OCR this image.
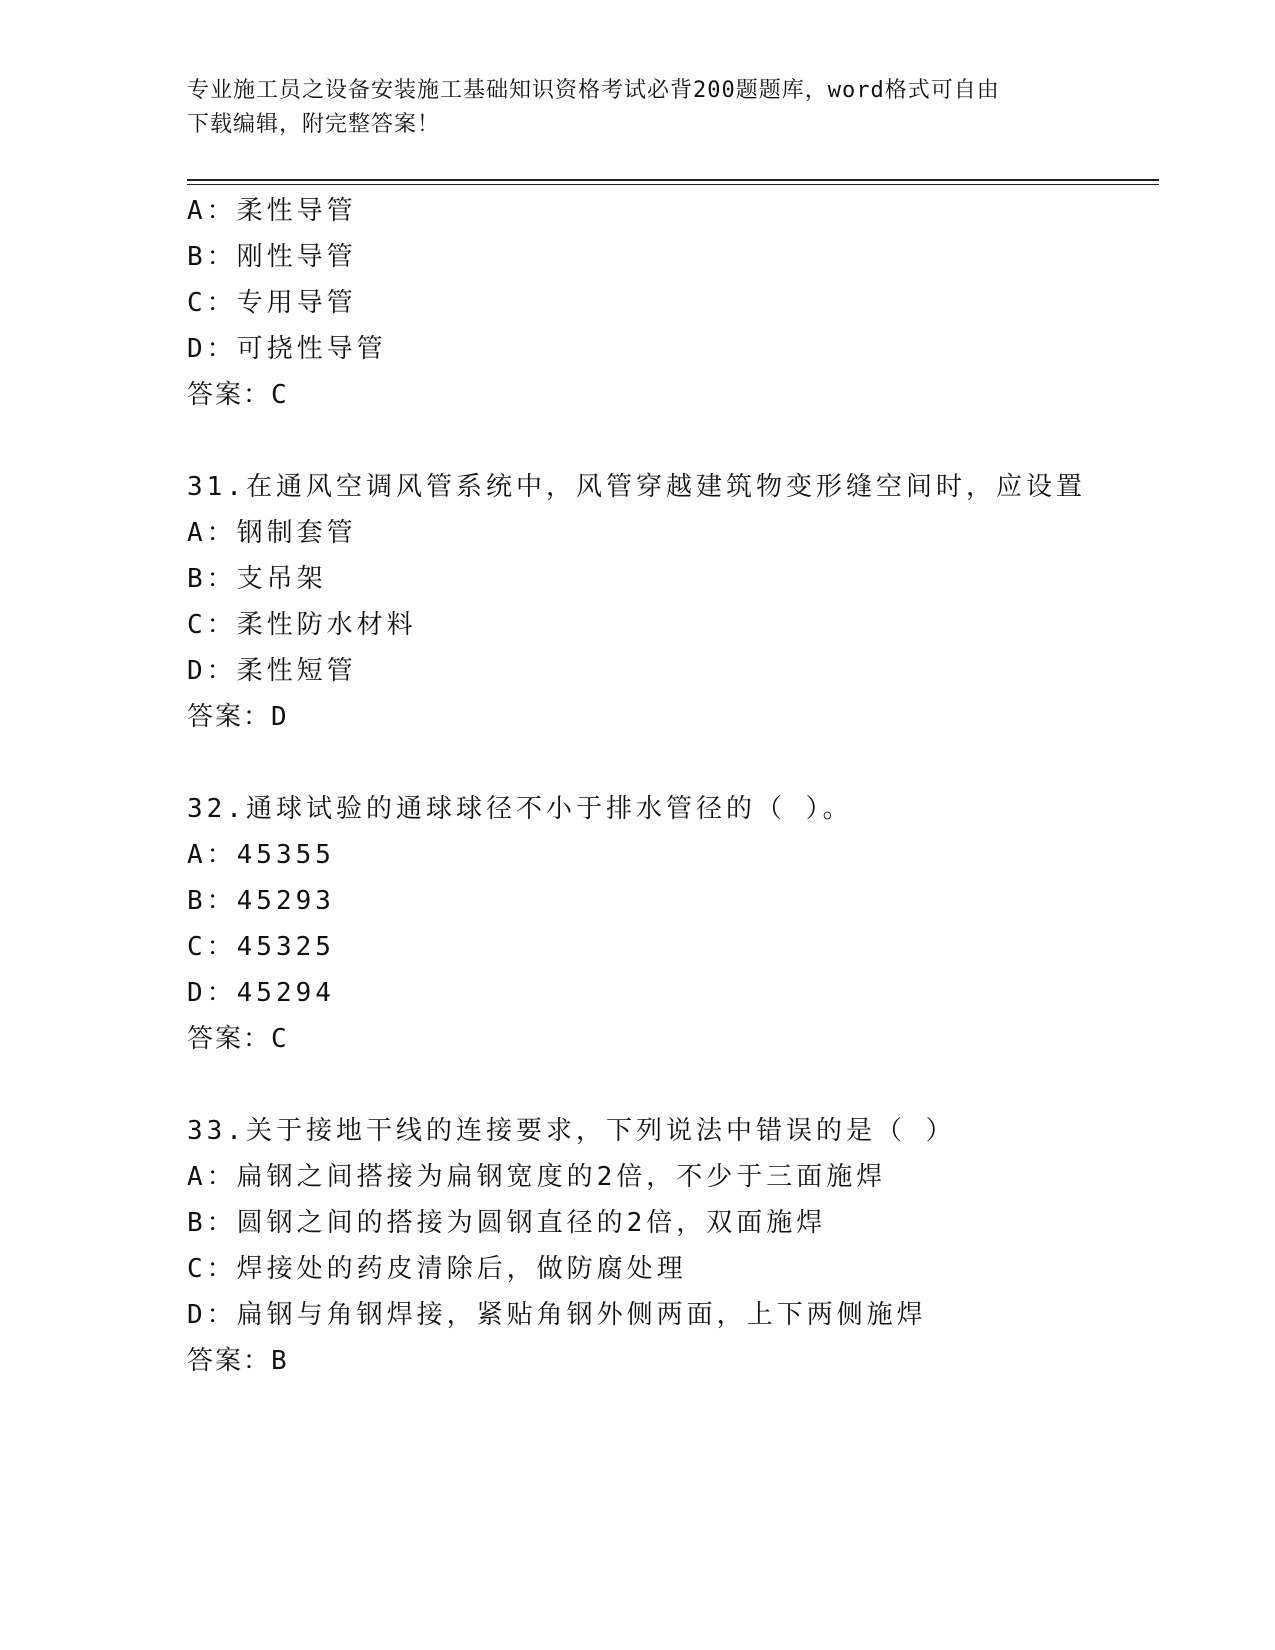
专业施工员之设备安装施工基础知识资格考试必背200题题库，word格式可自由
下载编辑，附完整答案！
A：柔性导管
B：刚性导管
C：专用导管
D：可挠性导管
答案：C
31.在通风空调风管系统中，风管穿越建筑物变形缝空间时，应设置
A：钢制套管
B：支吊架
C：柔性防水材料
D：柔性短管
答案：D
32.通球试验的通球球径不小于排水管径的（ ）。
A：45355
B：45293
C：45325
D：45294
答案：C
33.关于接地干线的连接要求，下列说法中错误的是（ ）
A：扁钢之间搭接为扁钢宽度的2倍，不少于三面施焊
B：圆钢之间的搭接为圆钢直径的2倍，双面施焊
C：焊接处的药皮清除后，做防腐处理
D：扁钢与角钢焊接，紧贴角钢外侧两面，上下两侧施焊
答案：B
